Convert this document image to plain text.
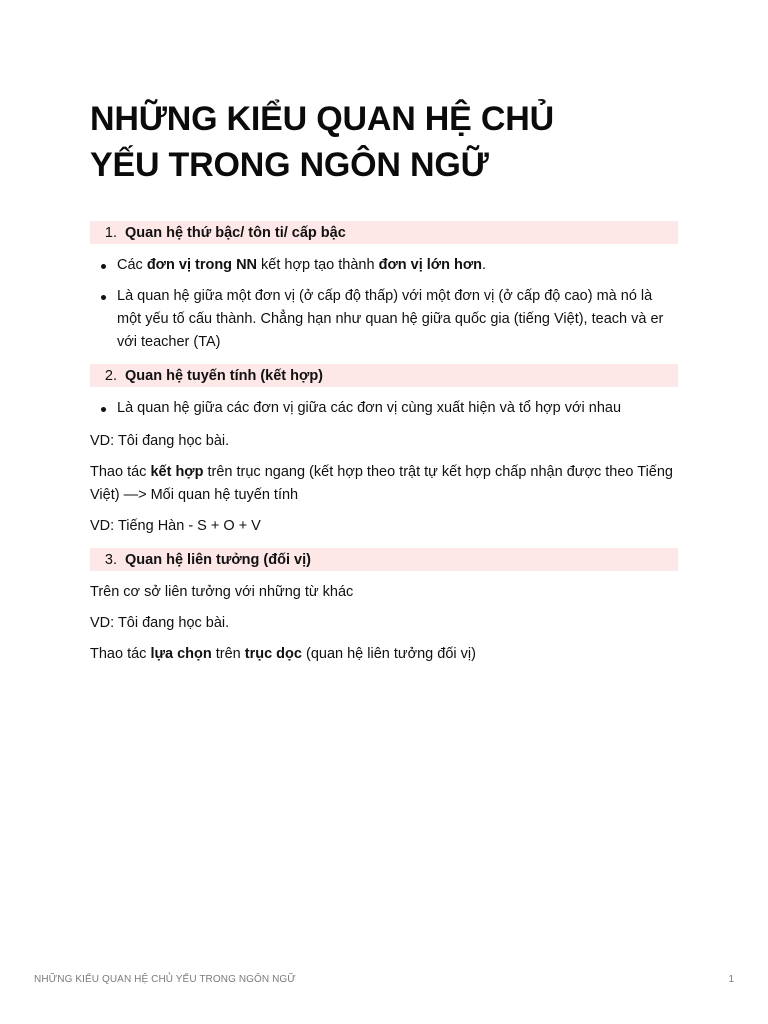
NHỮNG KIỂU QUAN HỆ CHỦ
YẾU TRONG NGÔN NGỮ
1. Quan hệ thứ bậc/ tôn ti/ cấp bậc
Các đơn vị trong NN kết hợp tạo thành đơn vị lớn hơn.
Là quan hệ giữa một đơn vị (ở cấp độ thấp) với một đơn vị (ở cấp độ cao) mà nó là một yếu tố cấu thành. Chẳng hạn như quan hệ giữa quốc gia (tiếng Việt), teach và er với teacher (TA)
2. Quan hệ tuyến tính (kết hợp)
Là quan hệ giữa các đơn vị giữa các đơn vị cùng xuất hiện và tổ hợp với nhau

VD: Tôi đang học bài.

Thao tác kết hợp trên trục ngang (kết hợp theo trật tự kết hợp chấp nhận được theo Tiếng Việt) —> Mối quan hệ tuyến tính

VD: Tiếng Hàn - S + O + V

3. Quan hệ liên tưởng (đối vị)

Trên cơ sở liên tưởng với những từ khác

VD: Tôi đang học bài.

Thao tác lựa chọn trên trục dọc (quan hệ liên tưởng đối vị)

NHỮNG KIỂU QUAN HỆ CHỦ YẾU TRONG NGÔN NGỮ	1
